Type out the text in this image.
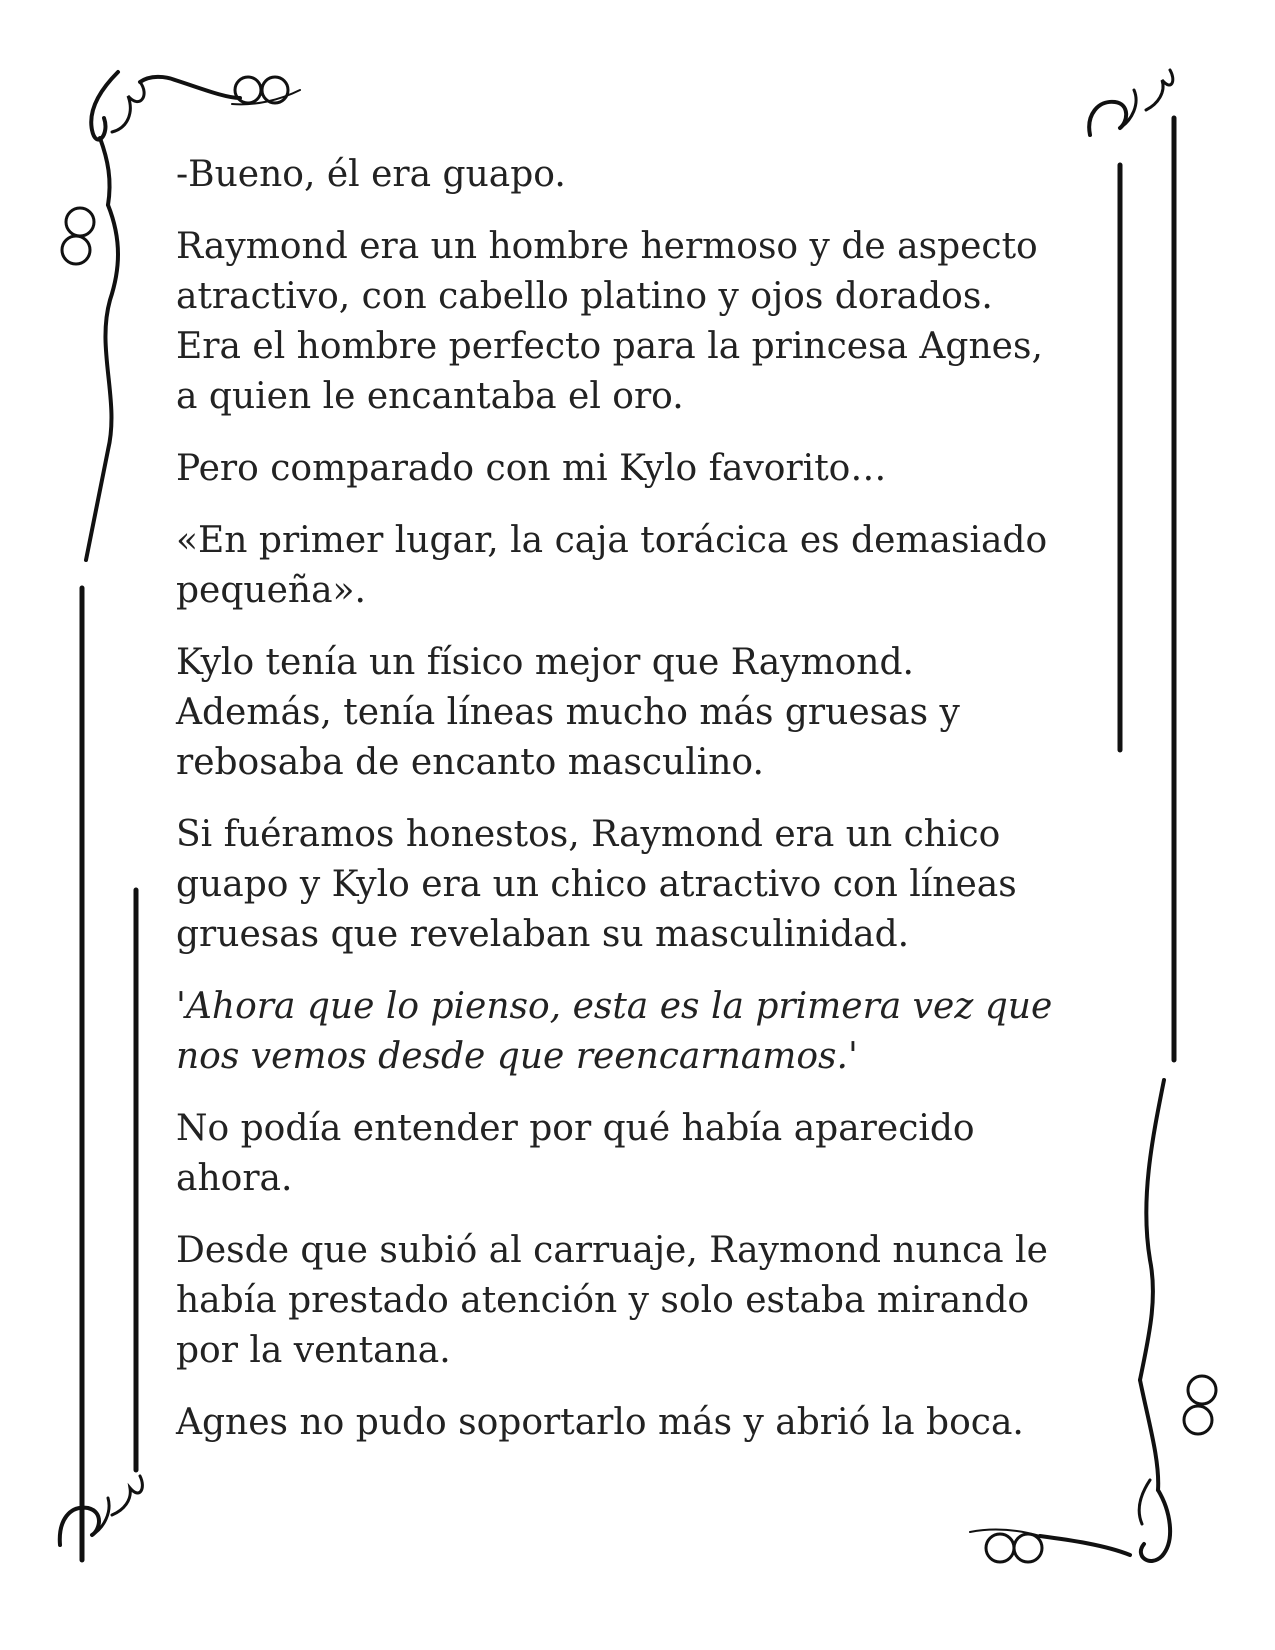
-Bueno, él era guapo.

Raymond era un hombre hermoso y de aspecto
atractivo, con cabello platino y ojos dorados.
Era el hombre perfecto para la princesa Agnes,
a quien le encantaba el oro.

Pero comparado con mi Kylo favorito…

«En primer lugar, la caja torácica es demasiado
pequeña».

Kylo tenía un físico mejor que Raymond.
Además, tenía líneas mucho más gruesas y
rebosaba de encanto masculino.

Si fuéramos honestos, Raymond era un chico
guapo y Kylo era un chico atractivo con líneas
gruesas que revelaban su masculinidad.

'Ahora que lo pienso, esta es la primera vez que
nos vemos desde que reencarnamos.'

No podía entender por qué había aparecido
ahora.

Desde que subió al carruaje, Raymond nunca le
había prestado atención y solo estaba mirando
por la ventana.

Agnes no pudo soportarlo más y abrió la boca.
